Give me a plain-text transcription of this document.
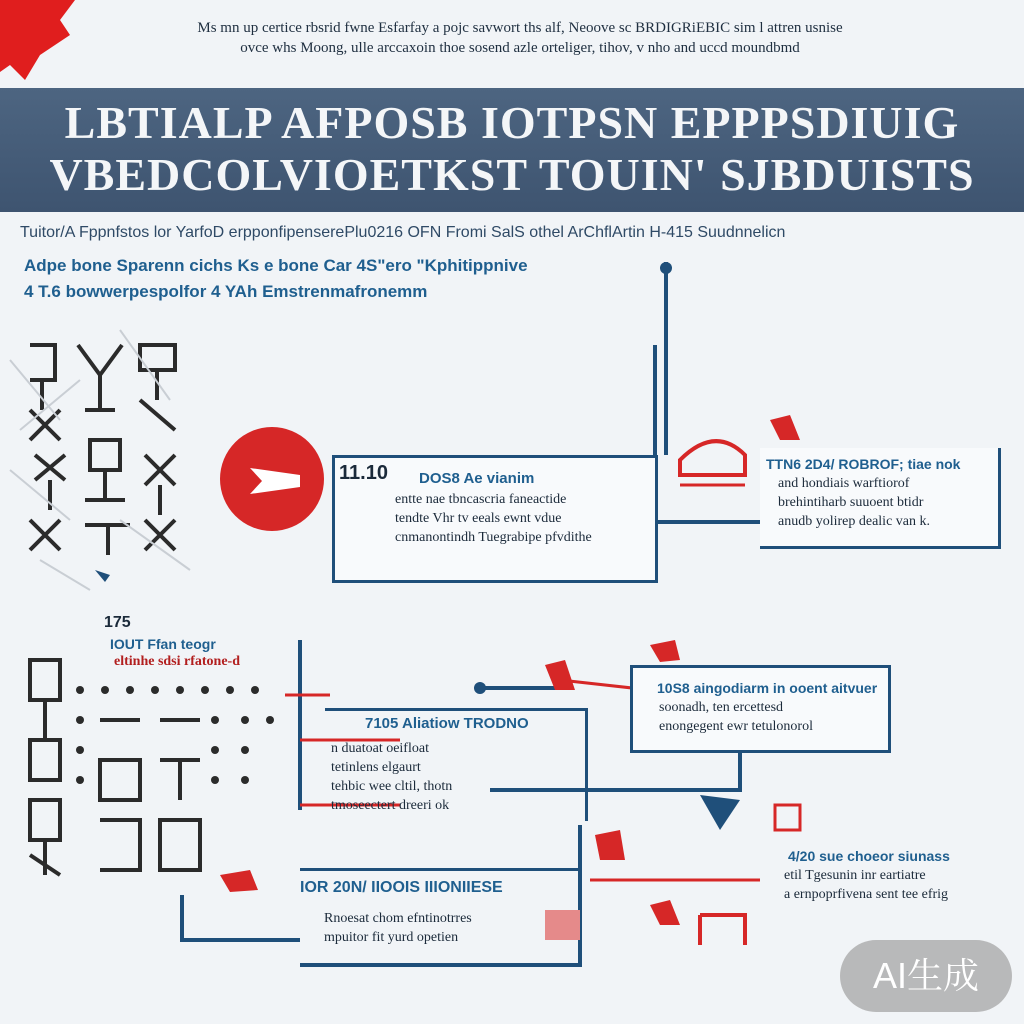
Ms mn up certice rbsrid fwne Esfarfay a pojc savwort ths alf, Neoove sc BRDIGRiEBIC sim l attren usnise
ovce whs Moong, ulle arccaxoin thoe sosend azle orteliger, tihov, v nho and uccd moundbmd
LBTIALP AFPOSB IOTPSN EPPPSDIUIG
VBEDCOLVIOETKST TOUIN' SJBDUISTS
Tuitor/A Fppnfstos lor YarfoD erpponfipenserePlu0216 OFN Fromi SalS othel ArChflArtin H-415 Suudnnelicn
Adpe bone Sparenn cichs Ks e bone Car 4S"ero "Kphitippnive
4 T.6 bowwerpespolfor 4 YAh Emstrenmafronemm
11.10 DOS8 Ae vianim
entte nae tbncascria faneactide
tendte Vhr tv eeals ewnt vdue
cnmanontindh Tuegrabipe pfvdithe
TTN6 2D4/ ROBROF; tiae nok
and hondiais warftiorof
brehintiharb suuoent btidr
anudb yolirep dealic van k.
175
IOUT Ffan teogr
eltinhe sdsi rfatone-d
10S8 aingodiarm in ooent aitvuer
soonadh, ten ercettesd
enongegent ewr tetulonorol
7105 Aliatiow TRODNO
n duatoat oeifloat
tetinlens elgaurt
tehbic wee cltil, thotn
tmoseectert dreeri ok
4/20 sue choeor siunass
etil Tgesunin inr eartiatre
a ernpoprfivena sent tee efrig
IOR 20N/ IIOOIS IIIONIIESE
Rnoesat chom efntinotrres
mpuitor fit yurd opetien
AI生成
